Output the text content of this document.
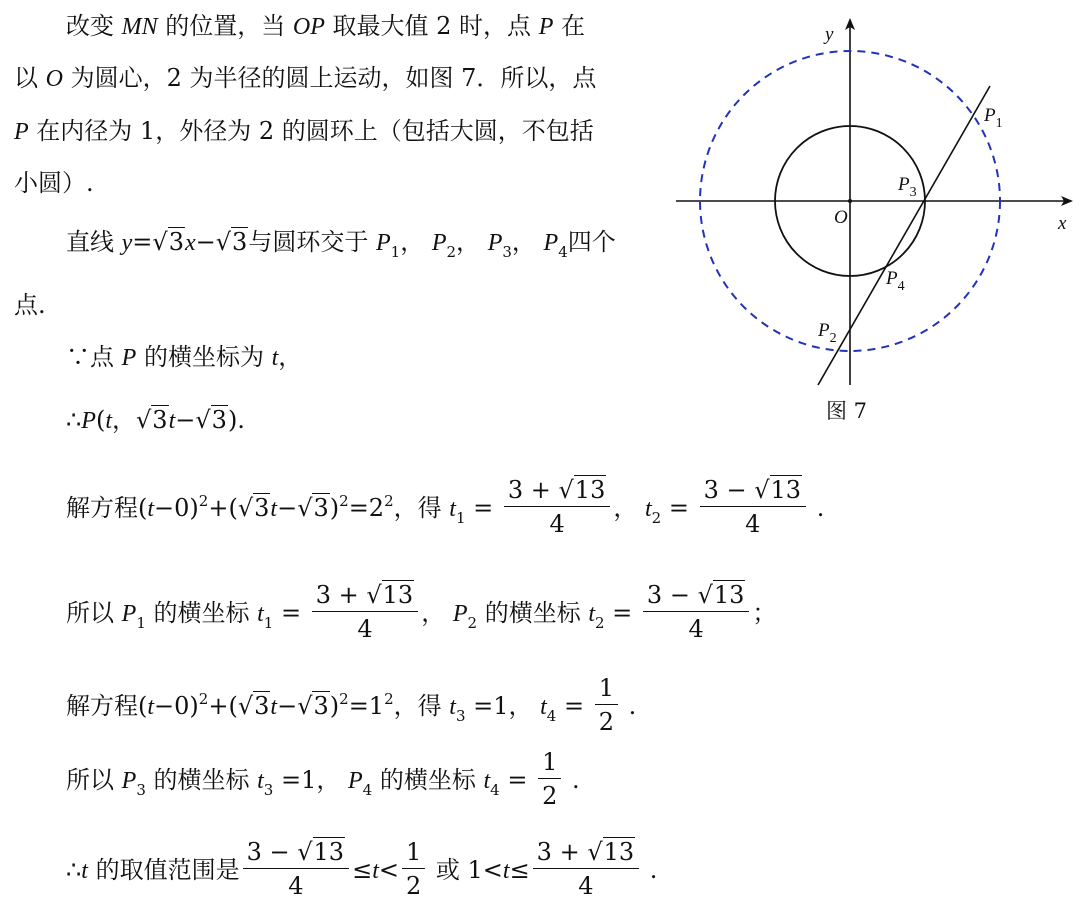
改变 MN 的位置，当 OP 取最大值 2 时，点 P 在
以 O 为圆心，2 为半径的圆上运动，如图 7．所以，点
P 在内径为 1，外径为 2 的圆环上（包括大圆，不包括
小圆）.
直线 y=√3x−√3与圆环交于 $P_1$， $P_2$， $P_3$， $P_4$四个
点.
∵点 P 的横坐标为 t，
∴P(t，√3t−√3).
解方程$(t-0)^2+(√3t-√3)^2=2^2$，得 $t_1 = \frac{3 + √13}{4}$ ， $t_2 = \frac{3 - √13}{4}$ .
所以 $P_1$ 的横坐标 $t_1 = \frac{3 + √13}{4}$ ， $P_2$ 的横坐标 $t_2 = \frac{3 - √13}{4}$ ；
解方程$(t-0)^2+(√3t-√3)^2=1^2$，得 $t_3 =1$， $t_4 = \frac{1}{2}$ .
所以 $P_3$ 的横坐标 $t_3 =1$， $P_4$ 的横坐标 $t_4 = \frac{1}{2}$ .
∴t 的取值范围是 $\frac{3 - √13}{4} \le t< \frac{1}{2}$ 或 $1<t\le \frac{3 + √13}{4}$ .
y
x
O
$P_1$
$P_3$
$P_4$
$P_2$
图 7
